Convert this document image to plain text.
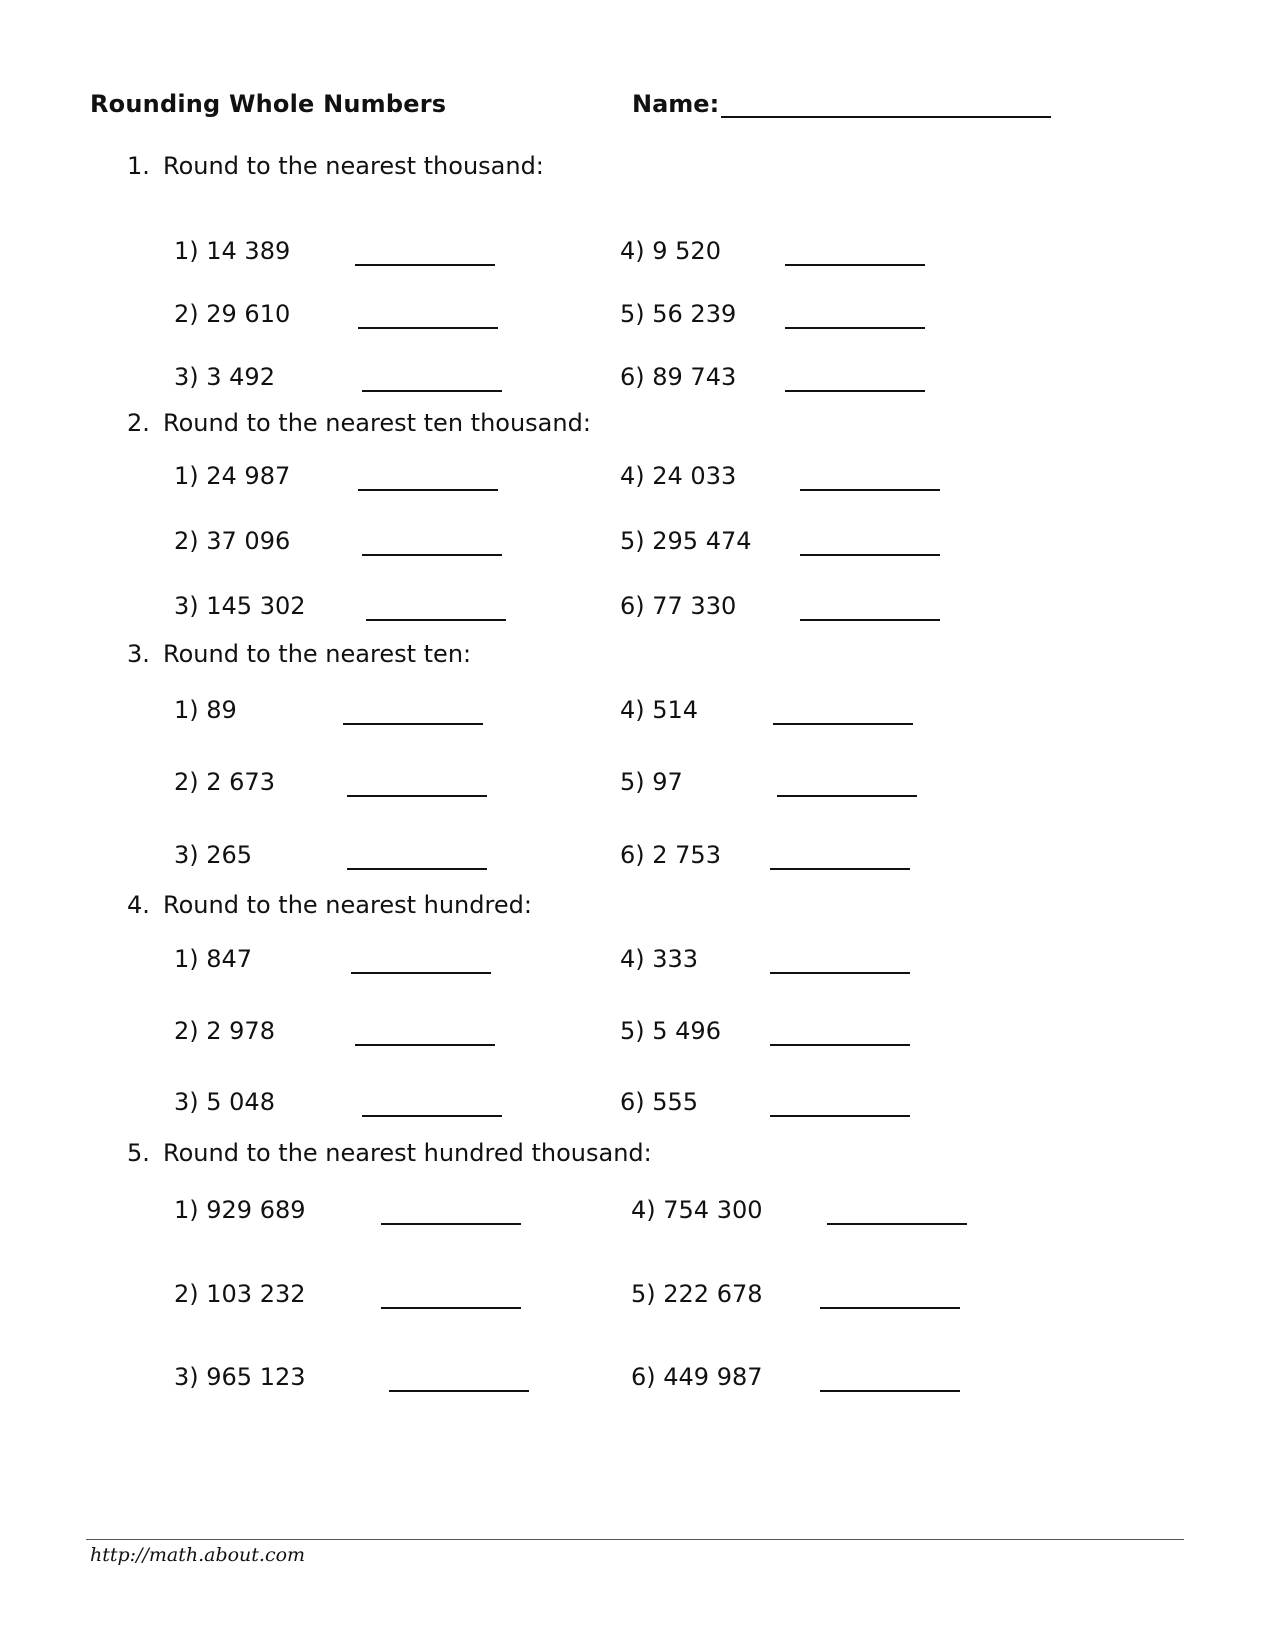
Rounding Whole Numbers	Name:
1. Round to the nearest thousand:
1) 14 389
2) 29 610
3) 3 492
4) 9 520
5) 56 239
6) 89 743
2. Round to the nearest ten thousand:
1) 24 987
2) 37 096
3) 145 302
4) 24 033
5) 295 474
6) 77 330
3. Round to the nearest ten:
1) 89
2) 2 673
3) 265
4) 514
5) 97
6) 2 753
4. Round to the nearest hundred:
1) 847
2) 2 978
3) 5 048
4) 333
5) 5 496
6) 555
5. Round to the nearest hundred thousand:
1) 929 689
2) 103 232
3) 965 123
4) 754 300
5) 222 678
6) 449 987
http://math.about.com
